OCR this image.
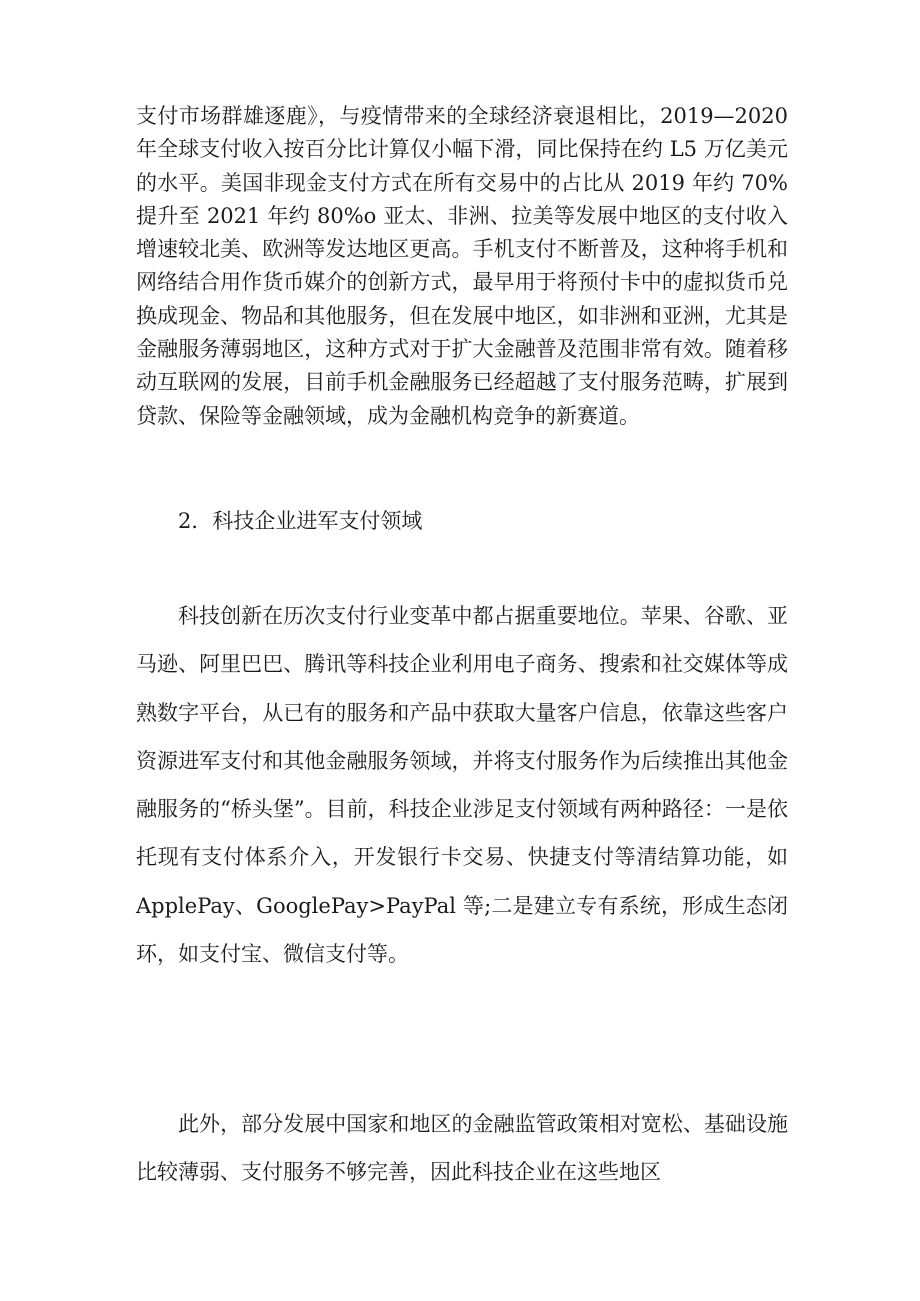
支付市场群雄逐鹿》，与疫情带来的全球经济衰退相比，2019—2020 年全球支付收入按百分比计算仅小幅下滑，同比保持在约 L5 万亿美元的水平。美国非现金支付方式在所有交易中的占比从 2019 年约 70%提升至 2021 年约 80%o 亚太、非洲、拉美等发展中地区的支付收入增速较北美、欧洲等发达地区更高。手机支付不断普及，这种将手机和网络结合用作货币媒介的创新方式，最早用于将预付卡中的虚拟货币兑换成现金、物品和其他服务，但在发展中地区，如非洲和亚洲，尤其是金融服务薄弱地区，这种方式对于扩大金融普及范围非常有效。随着移动互联网的发展，目前手机金融服务已经超越了支付服务范畴，扩展到贷款、保险等金融领域，成为金融机构竞争的新赛道。

2．科技企业进军支付领域

科技创新在历次支付行业变革中都占据重要地位。苹果、谷歌、亚马逊、阿里巴巴、腾讯等科技企业利用电子商务、搜索和社交媒体等成熟数字平台，从已有的服务和产品中获取大量客户信息，依靠这些客户资源进军支付和其他金融服务领域，并将支付服务作为后续推出其他金融服务的“桥头堡”。目前，科技企业涉足支付领域有两种路径：一是依托现有支付体系介入，开发银行卡交易、快捷支付等清结算功能，如 ApplePay、GooglePay>PayPal 等;二是建立专有系统，形成生态闭环，如支付宝、微信支付等。

此外，部分发展中国家和地区的金融监管政策相对宽松、基础设施比较薄弱、支付服务不够完善，因此科技企业在这些地区
